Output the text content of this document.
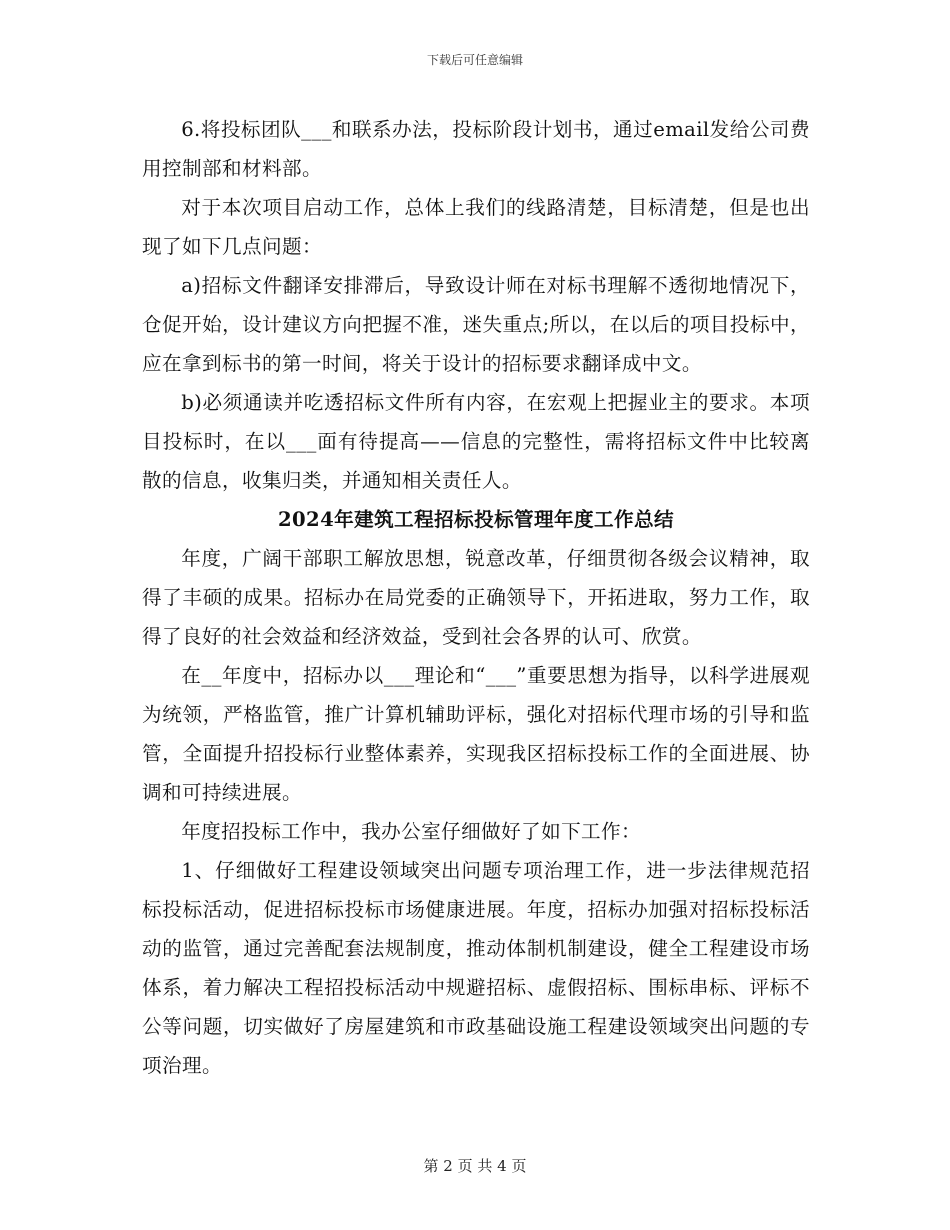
下载后可任意编辑

6.将投标团队___和联系办法，投标阶段计划书，通过email发给公司费用控制部和材料部。

对于本次项目启动工作，总体上我们的线路清楚，目标清楚，但是也出现了如下几点问题：

a)招标文件翻译安排滞后，导致设计师在对标书理解不透彻地情况下，仓促开始，设计建议方向把握不准，迷失重点;所以，在以后的项目投标中，应在拿到标书的第一时间，将关于设计的招标要求翻译成中文。

b)必须通读并吃透招标文件所有内容，在宏观上把握业主的要求。本项目投标时，在以___面有待提高——信息的完整性，需将招标文件中比较离散的信息，收集归类，并通知相关责任人。

2024年建筑工程招标投标管理年度工作总结

年度，广阔干部职工解放思想，锐意改革，仔细贯彻各级会议精神，取得了丰硕的成果。招标办在局党委的正确领导下，开拓进取，努力工作，取得了良好的社会效益和经济效益，受到社会各界的认可、欣赏。

在__年度中，招标办以___理论和“___”重要思想为指导，以科学进展观为统领，严格监管，推广计算机辅助评标，强化对招标代理市场的引导和监管，全面提升招投标行业整体素养，实现我区招标投标工作的全面进展、协调和可持续进展。

年度招投标工作中，我办公室仔细做好了如下工作：

1、仔细做好工程建设领域突出问题专项治理工作，进一步法律规范招标投标活动，促进招标投标市场健康进展。年度，招标办加强对招标投标活动的监管，通过完善配套法规制度，推动体制机制建设，健全工程建设市场体系，着力解决工程招投标活动中规避招标、虚假招标、围标串标、评标不公等问题，切实做好了房屋建筑和市政基础设施工程建设领域突出问题的专项治理。

第 2 页 共 4 页
